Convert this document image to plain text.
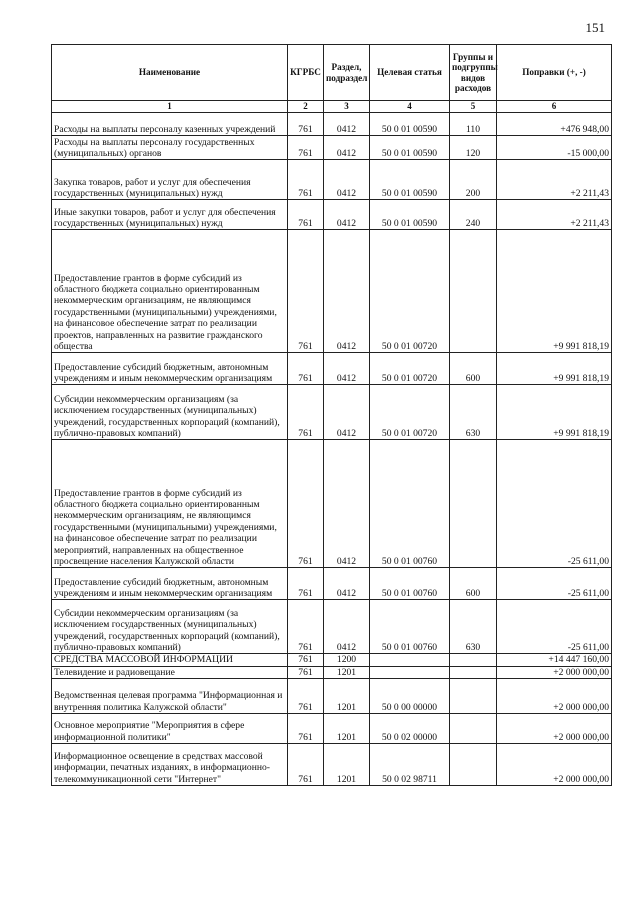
151
Наименование	КГРБС	Раздел, подраздел	Целевая статья	Группы и подгруппы видов расходов	Поправки (+, -)
1	2	3	4	5	6
Расходы на выплаты персоналу казенных учреждений	761	0412	50 0 01 00590	110	+476 948,00
Расходы на выплаты персоналу государственных (муниципальных) органов	761	0412	50 0 01 00590	120	-15 000,00
Закупка товаров, работ и услуг для обеспечения государственных (муниципальных) нужд	761	0412	50 0 01 00590	200	+2 211,43
Иные закупки товаров, работ и услуг для обеспечения государственных (муниципальных) нужд	761	0412	50 0 01 00590	240	+2 211,43
Предоставление грантов в форме субсидий из областного бюджета социально ориентированным некоммерческим организациям, не являющимся государственными (муниципальными) учреждениями, на финансовое обеспечение затрат по реализации проектов, направленных на развитие гражданского общества	761	0412	50 0 01 00720		+9 991 818,19
Предоставление субсидий бюджетным, автономным учреждениям и иным некоммерческим организациям	761	0412	50 0 01 00720	600	+9 991 818,19
Субсидии некоммерческим организациям (за исключением государственных (муниципальных) учреждений, государственных корпораций (компаний), публично-правовых компаний)	761	0412	50 0 01 00720	630	+9 991 818,19
Предоставление грантов в форме субсидий из областного бюджета социально ориентированным некоммерческим организациям, не являющимся государственными (муниципальными) учреждениями, на финансовое обеспечение затрат по реализации мероприятий, направленных на общественное просвещение населения Калужской области	761	0412	50 0 01 00760		-25 611,00
Предоставление субсидий бюджетным, автономным учреждениям и иным некоммерческим организациям	761	0412	50 0 01 00760	600	-25 611,00
Субсидии некоммерческим организациям (за исключением государственных (муниципальных) учреждений, государственных корпораций (компаний), публично-правовых компаний)	761	0412	50 0 01 00760	630	-25 611,00
СРЕДСТВА МАССОВОЙ ИНФОРМАЦИИ	761	1200			+14 447 160,00
Телевидение и радиовещание	761	1201			+2 000 000,00
Ведомственная целевая программа "Информационная и внутренняя политика Калужской области"	761	1201	50 0 00 00000		+2 000 000,00
Основное мероприятие "Мероприятия в сфере информационной политики"	761	1201	50 0 02 00000		+2 000 000,00
Информационное освещение в средствах массовой информации, печатных изданиях, в информационно-телекоммуникационной сети "Интернет"	761	1201	50 0 02 98711		+2 000 000,00
